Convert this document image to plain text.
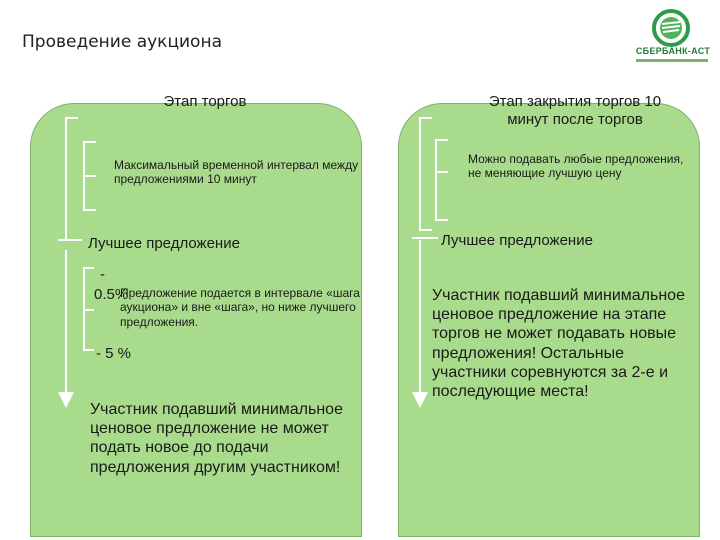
Проведение аукциона	СБЕРБАНК-АСТ
Этап торгов
Максимальный временной интервал между предложениями 10 минут
Лучшее предложение
-
0.5%
Предложение подается в интервале «шага аукциона» и вне «шага», но ниже лучшего предложения.
- 5 %
Участник подавший минимальное ценовое предложение не может подать новое до подачи предложения другим участником!
Этап закрытия торгов 10 минут после торгов
Можно подавать любые предложения, не меняющие лучшую цену
Лучшее предложение
Участник подавший минимальное ценовое предложение на этапе торгов не может подавать новые предложения! Остальные участники соревнуются за 2-е и последующие места!
